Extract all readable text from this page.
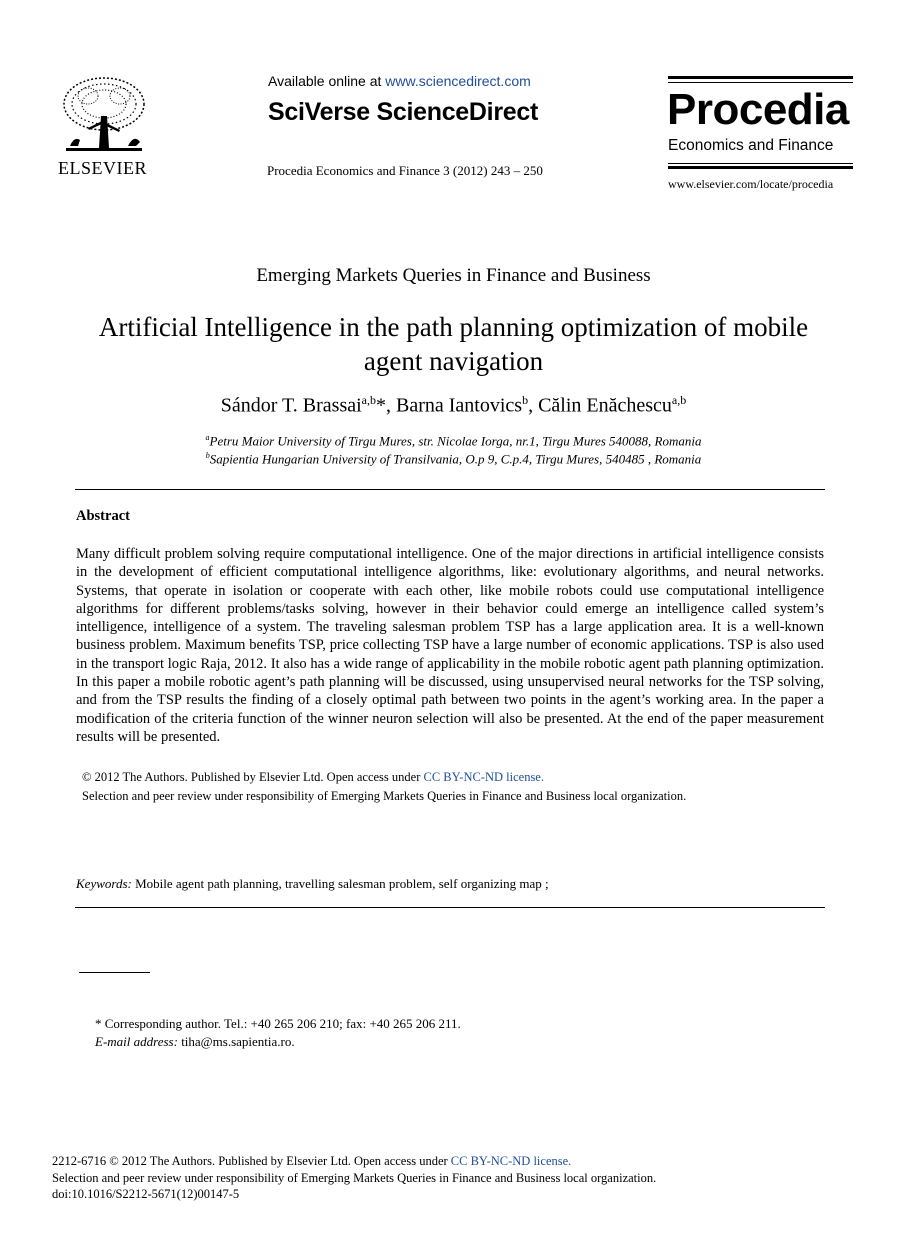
ELSEVIER
Available online at www.sciencedirect.com
SciVerse ScienceDirect
Procedia Economics and Finance 3 (2012) 243 – 250
Procedia
Economics and Finance
www.elsevier.com/locate/procedia
Emerging Markets Queries in Finance and Business
Artificial Intelligence in the path planning optimization of mobile
agent navigation
Sándor T. Brassai$^{a,b}$*, Barna Iantovics$^b$, Călin Enăchescu$^{a,b}$
$^a$Petru Maior University of Tirgu Mures, str. Nicolae Iorga, nr.1, Tirgu Mures 540088, Romania
$^b$Sapientia Hungarian University of Transilvania, O.p 9, C.p.4, Tirgu Mures, 540485 , Romania
Abstract
Many difficult problem solving require computational intelligence. One of the major directions in artificial intelligence consists in the development of efficient computational intelligence algorithms, like: evolutionary algorithms, and neural networks. Systems, that operate in isolation or cooperate with each other, like mobile robots could use computational intelligence algorithms for different problems/tasks solving, however in their behavior could emerge an intelligence called system’s intelligence, intelligence of a system. The traveling salesman problem TSP has a large application area. It is a well-known business problem. Maximum benefits TSP, price collecting TSP have a large number of economic applications. TSP is also used in the transport logic Raja, 2012. It also has a wide range of applicability in the mobile robotic agent path planning optimization. In this paper a mobile robotic agent’s path planning will be discussed, using unsupervised neural networks for the TSP solving, and from the TSP results the finding of a closely optimal path between two points in the agent’s working area. In the paper a modification of the criteria function of the winner neuron selection will also be presented. At the end of the paper measurement results will be presented.
© 2012 The Authors. Published by Elsevier Ltd. Open access under CC BY-NC-ND license.
Selection and peer review under responsibility of Emerging Markets Queries in Finance and Business local organization.
Keywords: Mobile agent path planning, travelling salesman problem, self organizing map ;
* Corresponding author. Tel.: +40 265 206 210; fax: +40 265 206 211.
E-mail address: tiha@ms.sapientia.ro.
2212-6716 © 2012 The Authors. Published by Elsevier Ltd. Open access under CC BY-NC-ND license.
Selection and peer review under responsibility of Emerging Markets Queries in Finance and Business local organization.
doi:10.1016/S2212-5671(12)00147-5
